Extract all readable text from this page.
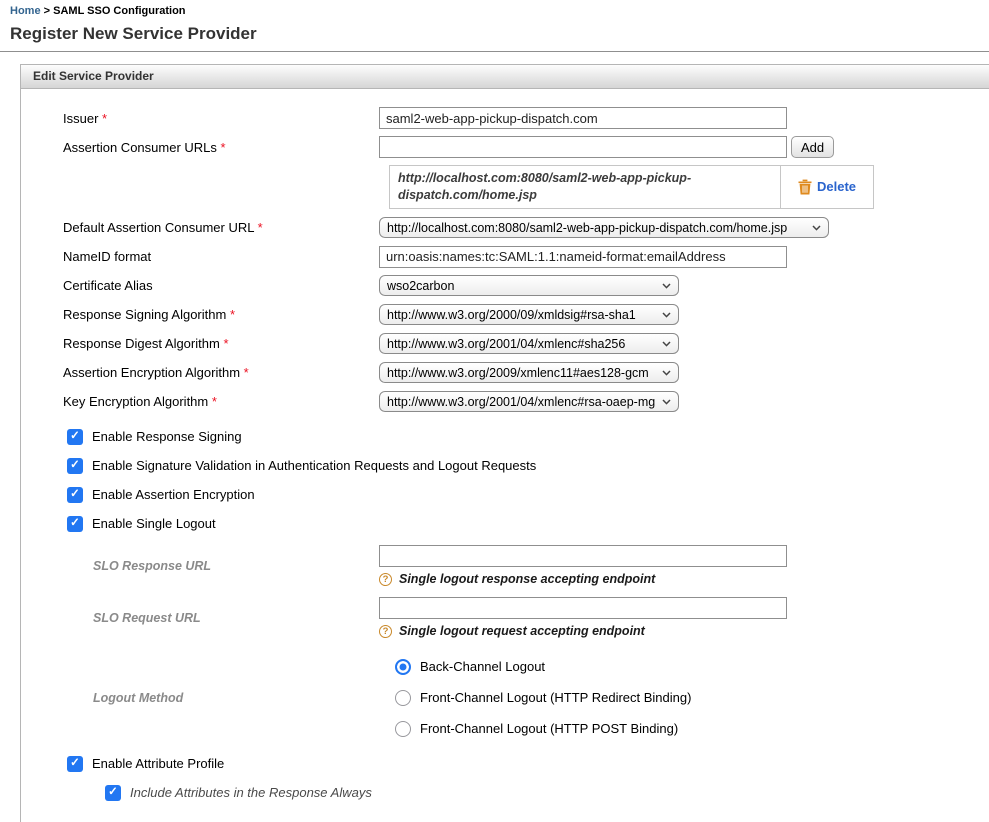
Home > SAML SSO Configuration
Register New Service Provider
Edit Service Provider
Issuer *
saml2-web-app-pickup-dispatch.com
Assertion Consumer URLs *	Add
http://localhost.com:8080/saml2-web-app-pickup-dispatch.com/home.jsp
Delete
Default Assertion Consumer URL *	http://localhost.com:8080/saml2-web-app-pickup-dispatch.com/home.jsp
NameID format
urn:oasis:names:tc:SAML:1.1:nameid-format:emailAddress
Certificate Alias	wso2carbon
Response Signing Algorithm *	http://www.w3.org/2000/09/xmldsig#rsa-sha1
Response Digest Algorithm *	http://www.w3.org/2001/04/xmlenc#sha256
Assertion Encryption Algorithm *	http://www.w3.org/2009/xmlenc11#aes128-gcm
Key Encryption Algorithm *	http://www.w3.org/2001/04/xmlenc#rsa-oaep-mg
✓ Enable Response Signing
✓ Enable Signature Validation in Authentication Requests and Logout Requests
✓ Enable Assertion Encryption
✓ Enable Single Logout
SLO Response URL
? Single logout response accepting endpoint
SLO Request URL
? Single logout request accepting endpoint
Logout Method
Back-Channel Logout
Front-Channel Logout (HTTP Redirect Binding)
Front-Channel Logout (HTTP POST Binding)
✓ Enable Attribute Profile
✓ Include Attributes in the Response Always
